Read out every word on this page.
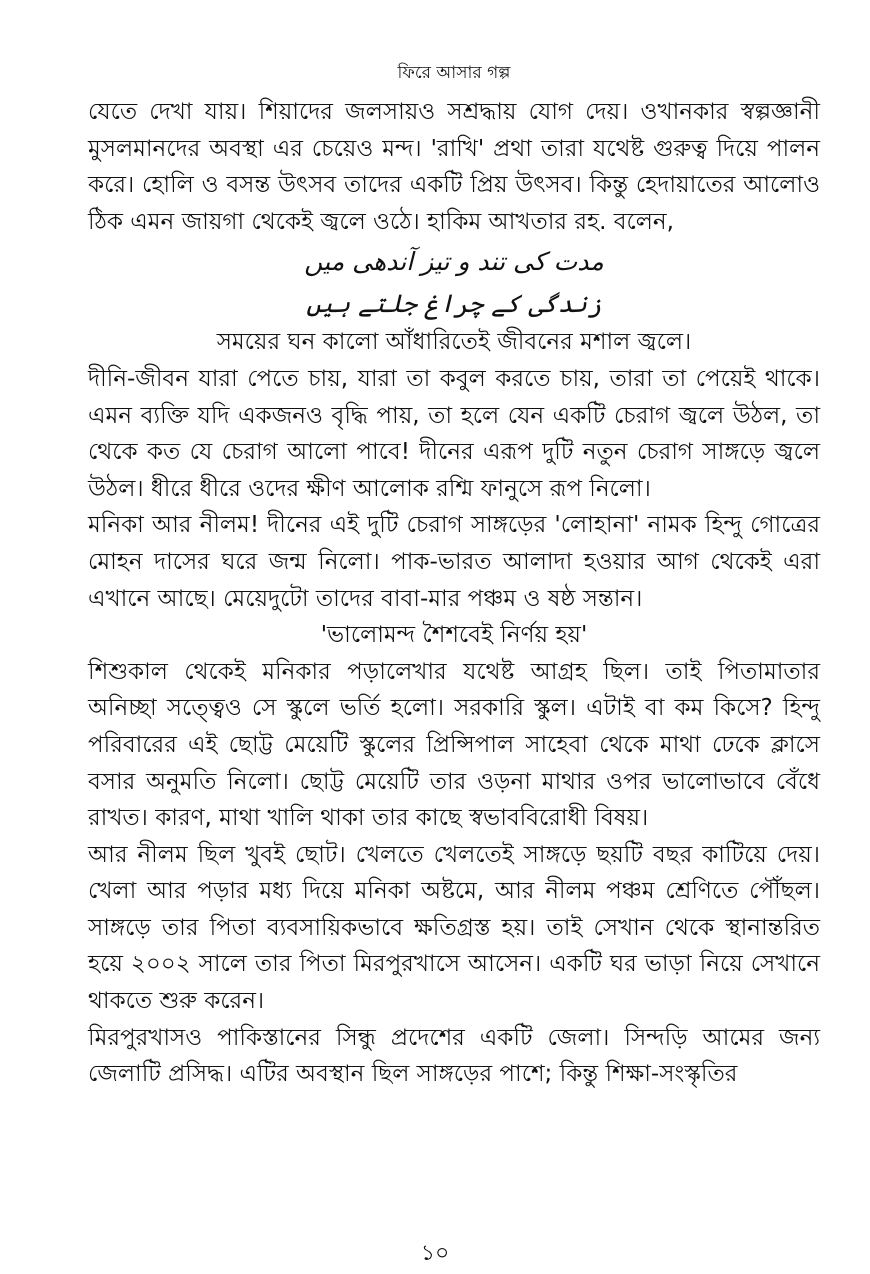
ফিরে আসার গল্প

যেতে দেখা যায়। শিয়াদের জলসায়ও সশ্রদ্ধায় যোগ দেয়। ওখানকার স্বল্পজ্ঞানী মুসলমানদের অবস্থা এর চেয়েও মন্দ। 'রাখি' প্রথা তারা যথেষ্ট গুরুত্ব দিয়ে পালন করে। হোলি ও বসন্ত উৎসব তাদের একটি প্রিয় উৎসব। কিন্তু হেদায়াতের আলোও ঠিক এমন জায়গা থেকেই জ্বলে ওঠে। হাকিম আখতার রহ. বলেন,

مدت کی تند و تیز آندھی میں

زندگی کے چراغ جلتے ہیں

সময়ের ঘন কালো আঁধারিতেই জীবনের মশাল জ্বলে।

দীনি-জীবন যারা পেতে চায়, যারা তা কবুল করতে চায়, তারা তা পেয়েই থাকে। এমন ব্যক্তি যদি একজনও বৃদ্ধি পায়, তা হলে যেন একটি চেরাগ জ্বলে উঠল, তা থেকে কত যে চেরাগ আলো পাবে! দীনের এরূপ দুটি নতুন চেরাগ সাঙ্গড়ে জ্বলে উঠল। ধীরে ধীরে ওদের ক্ষীণ আলোক রশ্মি ফানুসে রূপ নিলো।

মনিকা আর নীলম! দীনের এই দুটি চেরাগ সাঙ্গড়ের 'লোহানা' নামক হিন্দু গোত্রের মোহন দাসের ঘরে জন্ম নিলো। পাক-ভারত আলাদা হওয়ার আগ থেকেই এরা এখানে আছে। মেয়েদুটো তাদের বাবা-মার পঞ্চম ও ষষ্ঠ সন্তান।

'ভালোমন্দ শৈশবেই নির্ণয় হয়'

শিশুকাল থেকেই মনিকার পড়ালেখার যথেষ্ট আগ্রহ ছিল। তাই পিতামাতার অনিচ্ছা সত্ত্বেও সে স্কুলে ভর্তি হলো। সরকারি স্কুল। এটাই বা কম কিসে? হিন্দু পরিবারের এই ছোট্ট মেয়েটি স্কুলের প্রিন্সিপাল সাহেবা থেকে মাথা ঢেকে ক্লাসে বসার অনুমতি নিলো। ছোট্ট মেয়েটি তার ওড়না মাথার ওপর ভালোভাবে বেঁধে রাখত। কারণ, মাথা খালি থাকা তার কাছে স্বভাববিরোধী বিষয়।

আর নীলম ছিল খুবই ছোট। খেলতে খেলতেই সাঙ্গড়ে ছয়টি বছর কাটিয়ে দেয়। খেলা আর পড়ার মধ্য দিয়ে মনিকা অষ্টমে, আর নীলম পঞ্চম শ্রেণিতে পৌঁছল। সাঙ্গড়ে তার পিতা ব্যবসায়িকভাবে ক্ষতিগ্রস্ত হয়। তাই সেখান থেকে স্থানান্তরিত হয়ে ২০০২ সালে তার পিতা মিরপুরখাসে আসেন। একটি ঘর ভাড়া নিয়ে সেখানে থাকতে শুরু করেন।

মিরপুরখাসও পাকিস্তানের সিন্ধু প্রদেশের একটি জেলা। সিন্দড়ি আমের জন্য জেলাটি প্রসিদ্ধ। এটির অবস্থান ছিল সাঙ্গড়ের পাশে; কিন্তু শিক্ষা-সংস্কৃতির

১০
